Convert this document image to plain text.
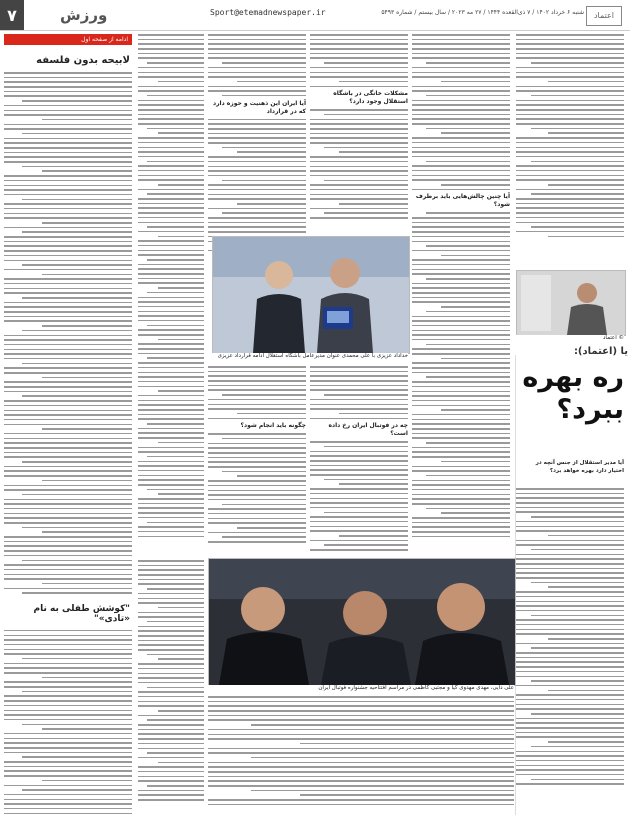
۷	ورزش	Sport@etemadnewspaper.ir	شنبه ۶ خرداد ۱۴۰۲ / ۷ ذی‌القعده ۱۴۴۴ / ۲۷ مه ۲۰۲۳ / سال بیستم / شماره ۵۴۹۳	اعتماد
ادامه از صفحه اول
لابیحه بدون فلسفه
"کوشش طفلی به نام «تادی»"
آیا ایران این ذهنیت و حوزه دارد که در قرارداد
مشکلات خانگی در باشگاه استقلال وجود دارد؟
آیا چنین چالش‌هایی باید برطرف شود؟
خداداد عزیزی با علی محمدی عنوان مدیرعامل باشگاه استقلال ادامه قرارداد عزیزی
چگونه باید انجام شود؟	چه در فوتبال ایران رخ داده است؟
© اعتماد
یا (اعتماد):
ره بهره ببرد؟
آیا مدیر استقلال از جنس آنچه در اختیار دارد بهره خواهد برد؟
علی دایی، مهدی مهدوی کیا و مجتبی کاظمی در مراسم افتتاحیه جشنواره فوتبال ایران
